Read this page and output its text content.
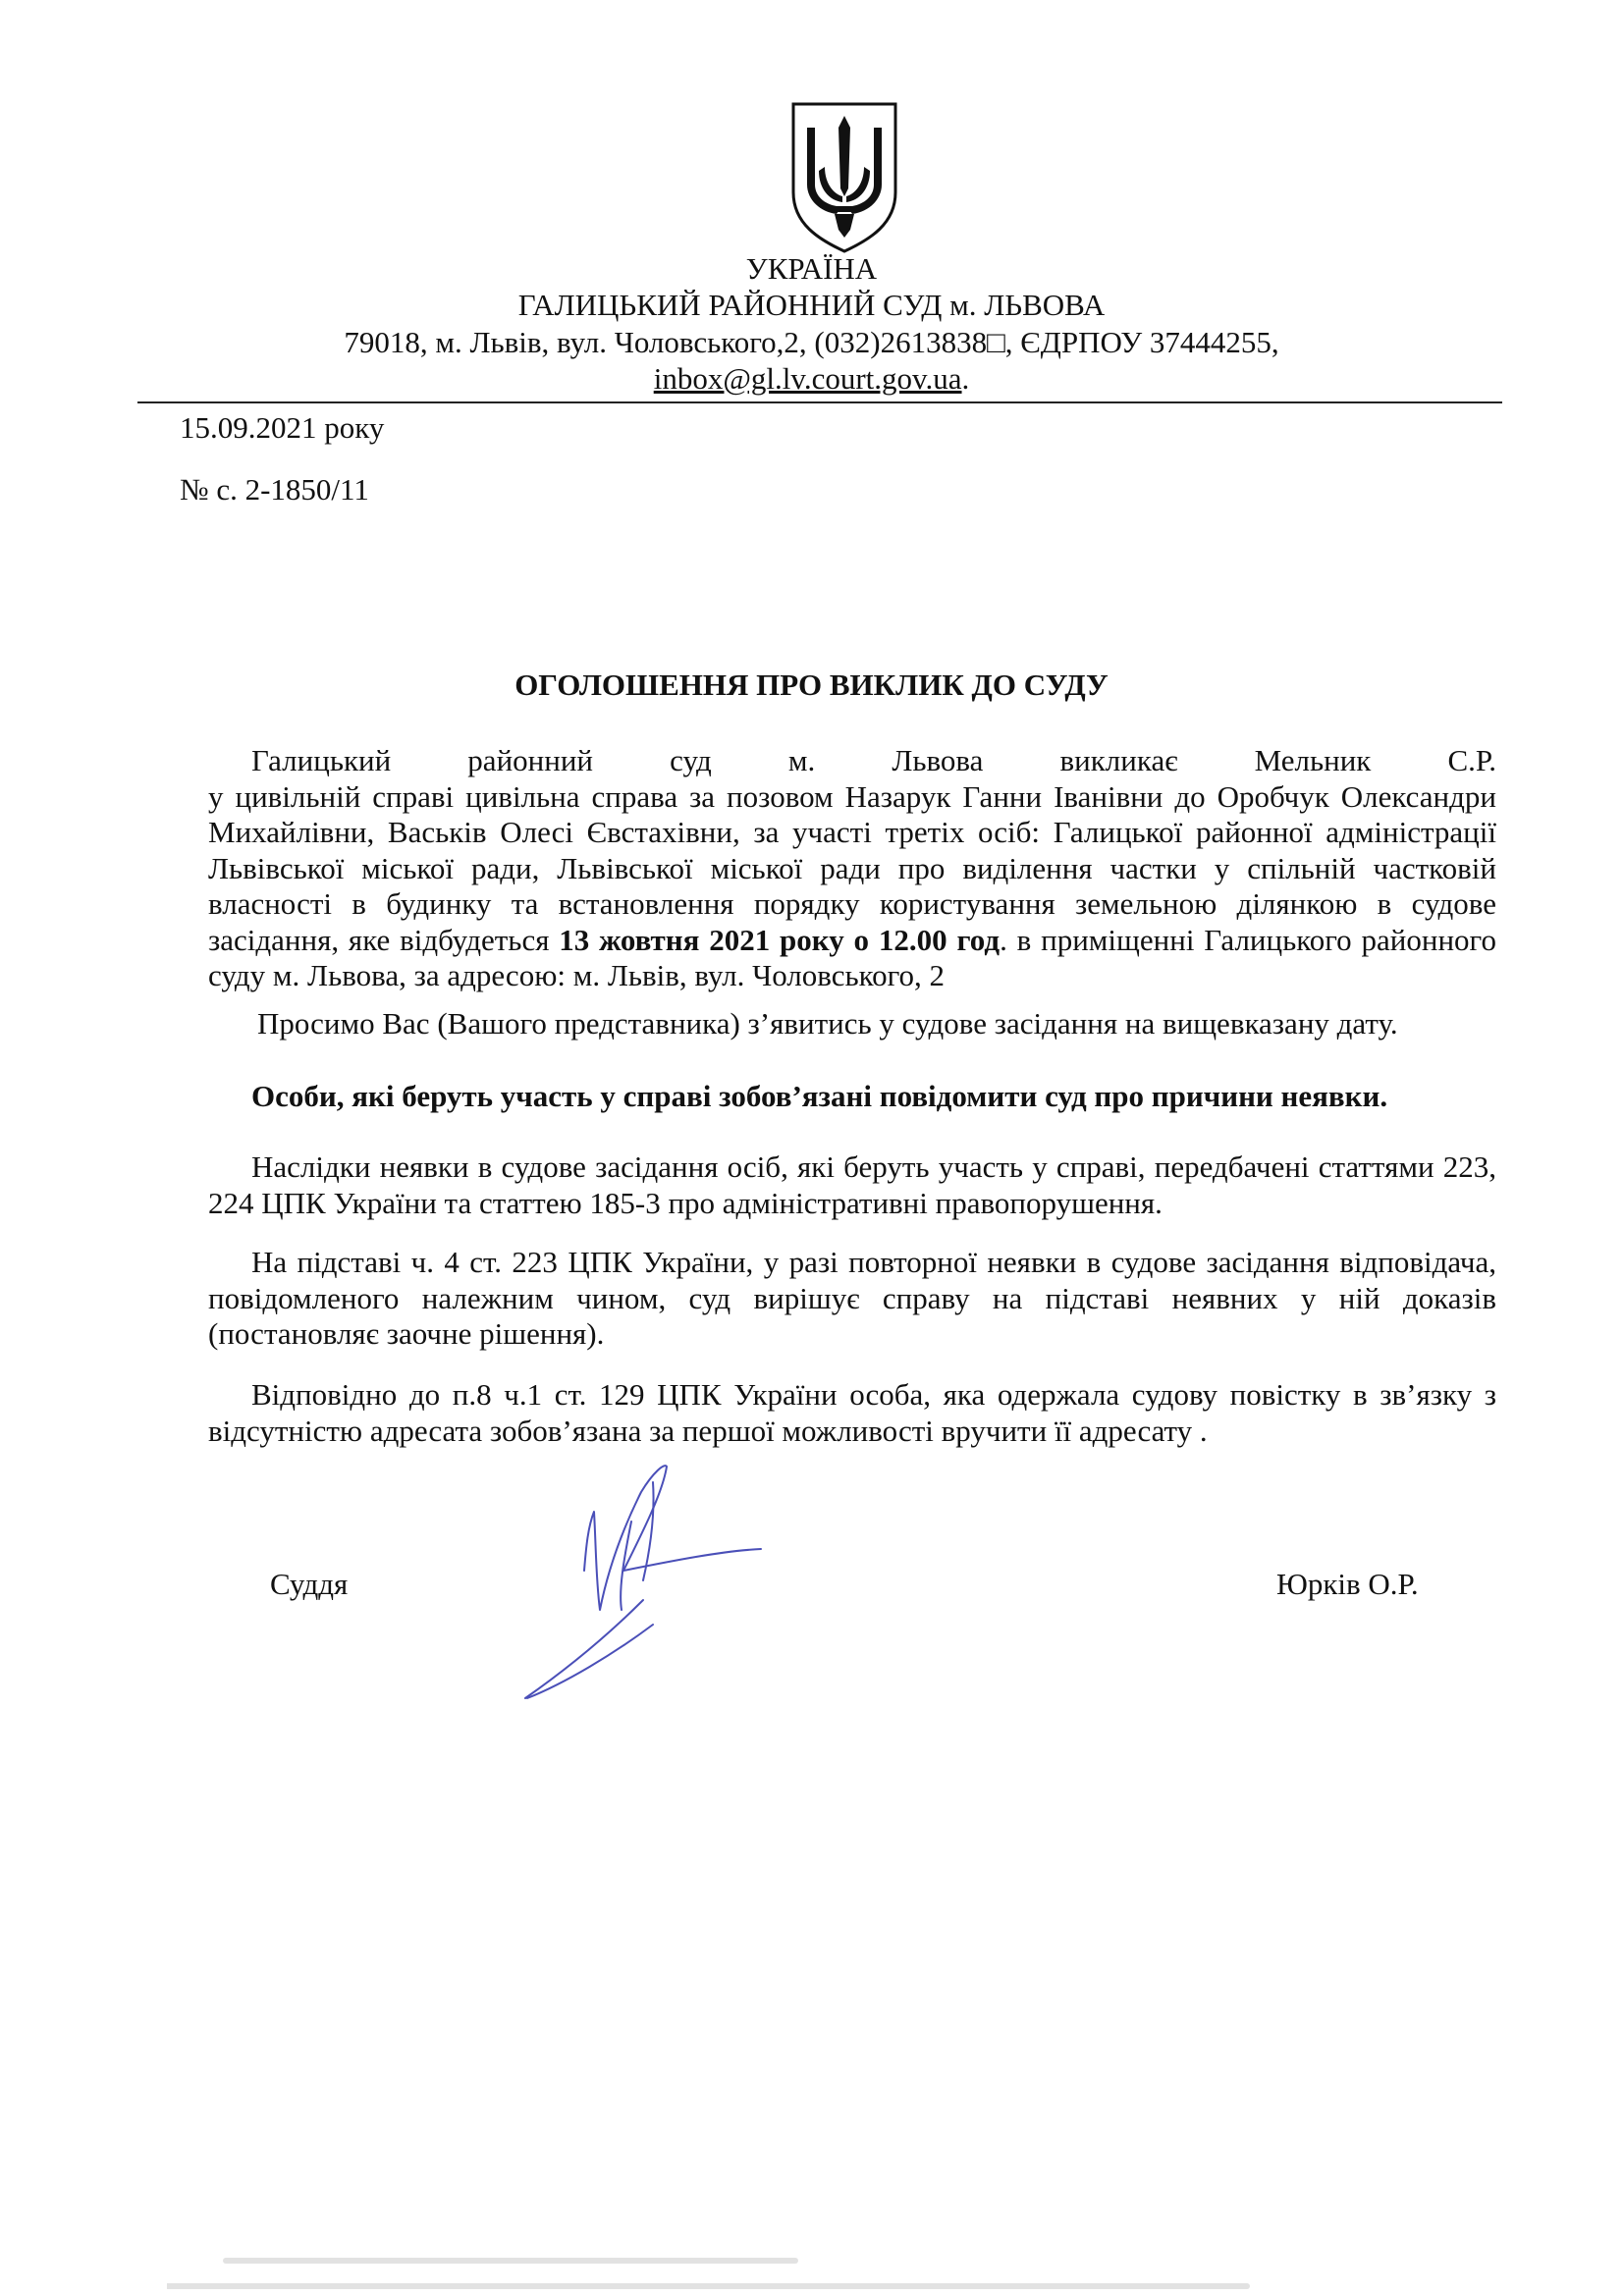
УКРАЇНА
ГАЛИЦЬКИЙ РАЙОННИЙ СУД м. ЛЬВОВА
79018, м. Львів, вул. Чоловського,2, (032)2613838□, ЄДРПОУ 37444255,
inbox@gl.lv.court.gov.ua.
15.09.2021 року
№ с. 2-1850/11
ОГОЛОШЕННЯ ПРО ВИКЛИК ДО СУДУ
Галицький районний суд м. Львова викликає Мельник С.Р.
у цивільній справі цивільна справа за позовом Назарук Ганни Іванівни до Оробчук Олександри Михайлівни, Васьків Олесі Євстахівни, за участі третіх осіб: Галицької районної адміністрації Львівської міської ради, Львівської міської ради про виділення частки у спільній частковій власності в будинку та встановлення порядку користування земельною ділянкою в судове засідання, яке відбудеться 13 жовтня 2021 року о 12.00 год. в приміщенні Галицького районного суду м. Львова, за адресою: м. Львів, вул. Чоловського, 2
Просимо Вас (Вашого представника) з’явитись у судове засідання на вищевказану дату.
Особи, які беруть участь у справі зобов’язані повідомити суд про причини неявки.
Наслідки неявки в судове засідання осіб, які беруть участь у справі, передбачені статтями 223, 224 ЦПК України та статтею 185-3 про адміністративні правопорушення.
На підставі ч. 4 ст. 223 ЦПК України, у разі повторної неявки в судове засідання відповідача, повідомленого належним чином, суд вирішує справу на підставі неявних у ній доказів (постановляє заочне рішення).
Відповідно до п.8 ч.1 ст. 129 ЦПК України особа, яка одержала судову повістку в зв’язку з відсутністю адресата зобов’язана за першої можливості вручити її адресату .
Суддя	Юрків О.Р.
